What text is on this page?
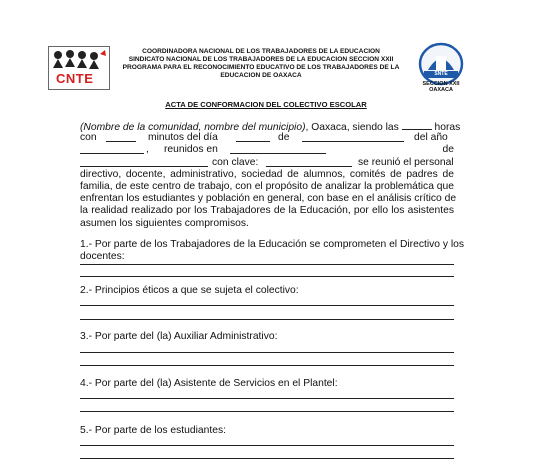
CNTE	SNTE
SECCION XXII
OAXACA
COORDINADORA NACIONAL DE LOS TRABAJADORES DE LA EDUCACION
SINDICATO NACIONAL DE LOS TRABAJADORES DE LA EDUCACION SECCION XXII
PROGRAMA PARA EL RECONOCIMIENTO EDUCATIVO DE LOS TRABAJADORES DE LA
EDUCACION DE OAXACA
ACTA DE CONFORMACION DEL COLECTIVO ESCOLAR
(Nombre de la comunidad, nombre del municipio), Oaxaca, siendo las	horas
con	minutos del día	de	del año
, reunidos en	de
con clave:	se reunió el personal
directivo, docente, administrativo, sociedad de alumnos, comités de padres de
familia, de este centro de trabajo, con el propósito de analizar la problemática que
enfrentan los estudiantes y población en general, con base en el análisis crítico de
la realidad realizado por los Trabajadores de la Educación, por ello los asistentes
asumen los siguientes compromisos.
1.- Por parte de los Trabajadores de la Educación se comprometen el Directivo y los
docentes:
2.- Principios éticos a que se sujeta el colectivo:
3.- Por parte del (la) Auxiliar Administrativo:
4.- Por parte del (la) Asistente de Servicios en el Plantel:
5.- Por parte de los estudiantes:
